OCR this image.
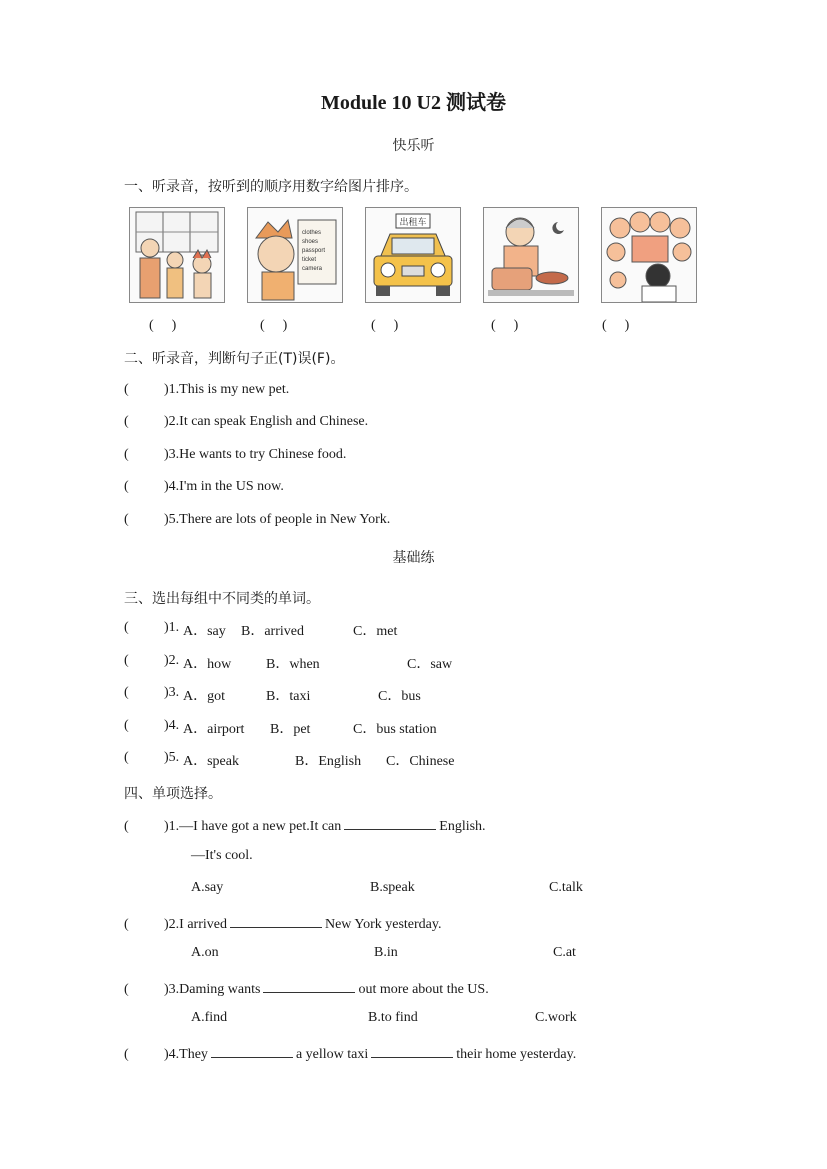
Module 10 U2 测试卷
快乐听
一、听录音，按听到的顺序用数字给图片排序。
clothes
shoes
passport
ticket
camera
出租车
( )	( )	( )	( )	( )
二、听录音，判断句子正(T)误(F)。
(	)1.This is my new pet.
(	)2.It can speak English and Chinese.
(	)3.He wants to try Chinese food.
(	)4.I'm in the US now.
(	)5.There are lots of people in New York.
基础练
三、选出每组中不同类的单词。
(	)1. A．say B．arrived	C．met
(	)2. A．how B．when	C．saw
(	)3. A．got	B．taxi	C．bus
(	)4. A．airport B．pet	C．bus station
(	)5. A．speak	B．English C．Chinese
四、单项选择。
(	)1.—I have got a new pet.It can	English.
—It's cool.
A.say	B.speak	C.talk
(	)2.I arrived	New York yesterday.
A.on	B.in	C.at
(	)3.Daming wants	out more about the US.
A.find	B.to find	C.work
(	)4.They	a yellow taxi	their home yesterday.
